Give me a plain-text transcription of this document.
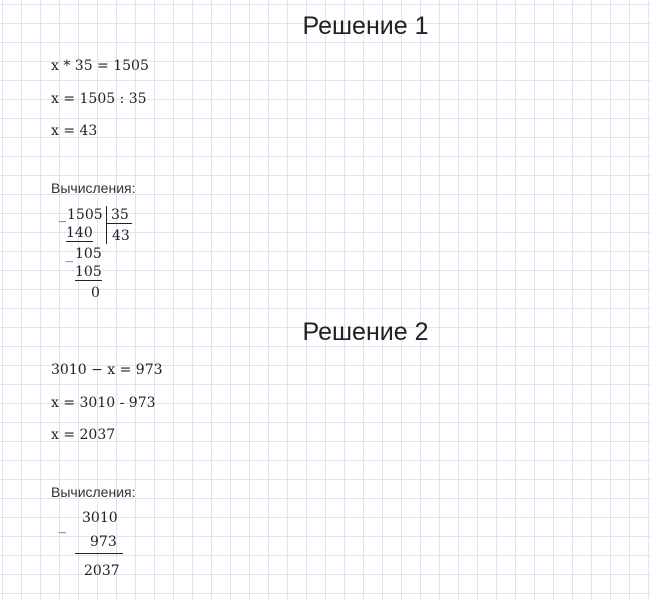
Решение 1
x * 35 = 1505
x = 1505 : 35
x = 43
Вычисления:
_ 1505 35
43
140
_ 105
105
0
Решение 2
3010 − x = 973
x = 3010 - 973
x = 2037
Вычисления:
_ 3010
973
2037
